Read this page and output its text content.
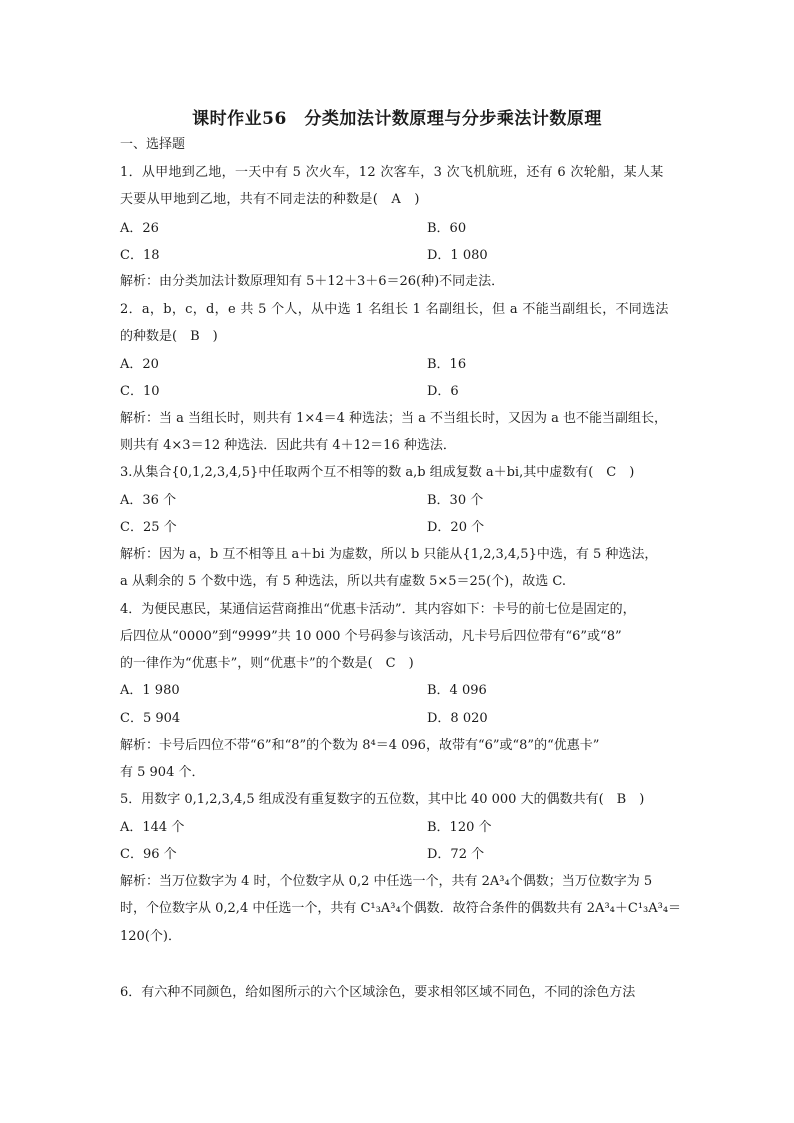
课时作业56　分类加法计数原理与分步乘法计数原理
一、选择题
1．从甲地到乙地，一天中有 5 次火车，12 次客车，3 次飞机航班，还有 6 次轮船，某人某
天要从甲地到乙地，共有不同走法的种数是(　A　)
A．26	B．60
C．18	D．1 080
解析：由分类加法计数原理知有 5＋12＋3＋6＝26(种)不同走法．
2．a，b，c，d，e 共 5 个人，从中选 1 名组长 1 名副组长，但 a 不能当副组长，不同选法
的种数是(　B　)
A．20	B．16
C．10	D．6
解析：当 a 当组长时，则共有 1×4＝4 种选法；当 a 不当组长时，又因为 a 也不能当副组长，
则共有 4×3＝12 种选法．因此共有 4＋12＝16 种选法．
3.从集合{0,1,2,3,4,5}中任取两个互不相等的数 a,b 组成复数 a＋bi,其中虚数有(　C　)
A．36 个	B．30 个
C．25 个	D．20 个
解析：因为 a，b 互不相等且 a＋bi 为虚数，所以 b 只能从{1,2,3,4,5}中选，有 5 种选法，
a 从剩余的 5 个数中选，有 5 种选法，所以共有虚数 5×5＝25(个)，故选 C.
4．为便民惠民，某通信运营商推出“优惠卡活动”．其内容如下：卡号的前七位是固定的，
后四位从“0000”到“9999”共 10 000 个号码参与该活动，凡卡号后四位带有“6”或“8”
的一律作为“优惠卡”，则“优惠卡”的个数是(　C　)
A．1 980	B．4 096
C．5 904	D．8 020
解析：卡号后四位不带“6”和“8”的个数为 8⁴＝4 096，故带有“6”或“8”的“优惠卡”
有 5 904 个．
5．用数字 0,1,2,3,4,5 组成没有重复数字的五位数，其中比 40 000 大的偶数共有(　B　)
A．144 个	B．120 个
C．96 个	D．72 个
解析：当万位数字为 4 时，个位数字从 0,2 中任选一个，共有 2A³₄个偶数；当万位数字为 5
时，个位数字从 0,2,4 中任选一个，共有 C¹₃A³₄个偶数．故符合条件的偶数共有 2A³₄＋C¹₃A³₄＝
120(个)．
6．有六种不同颜色，给如图所示的六个区域涂色，要求相邻区域不同色，不同的涂色方法
